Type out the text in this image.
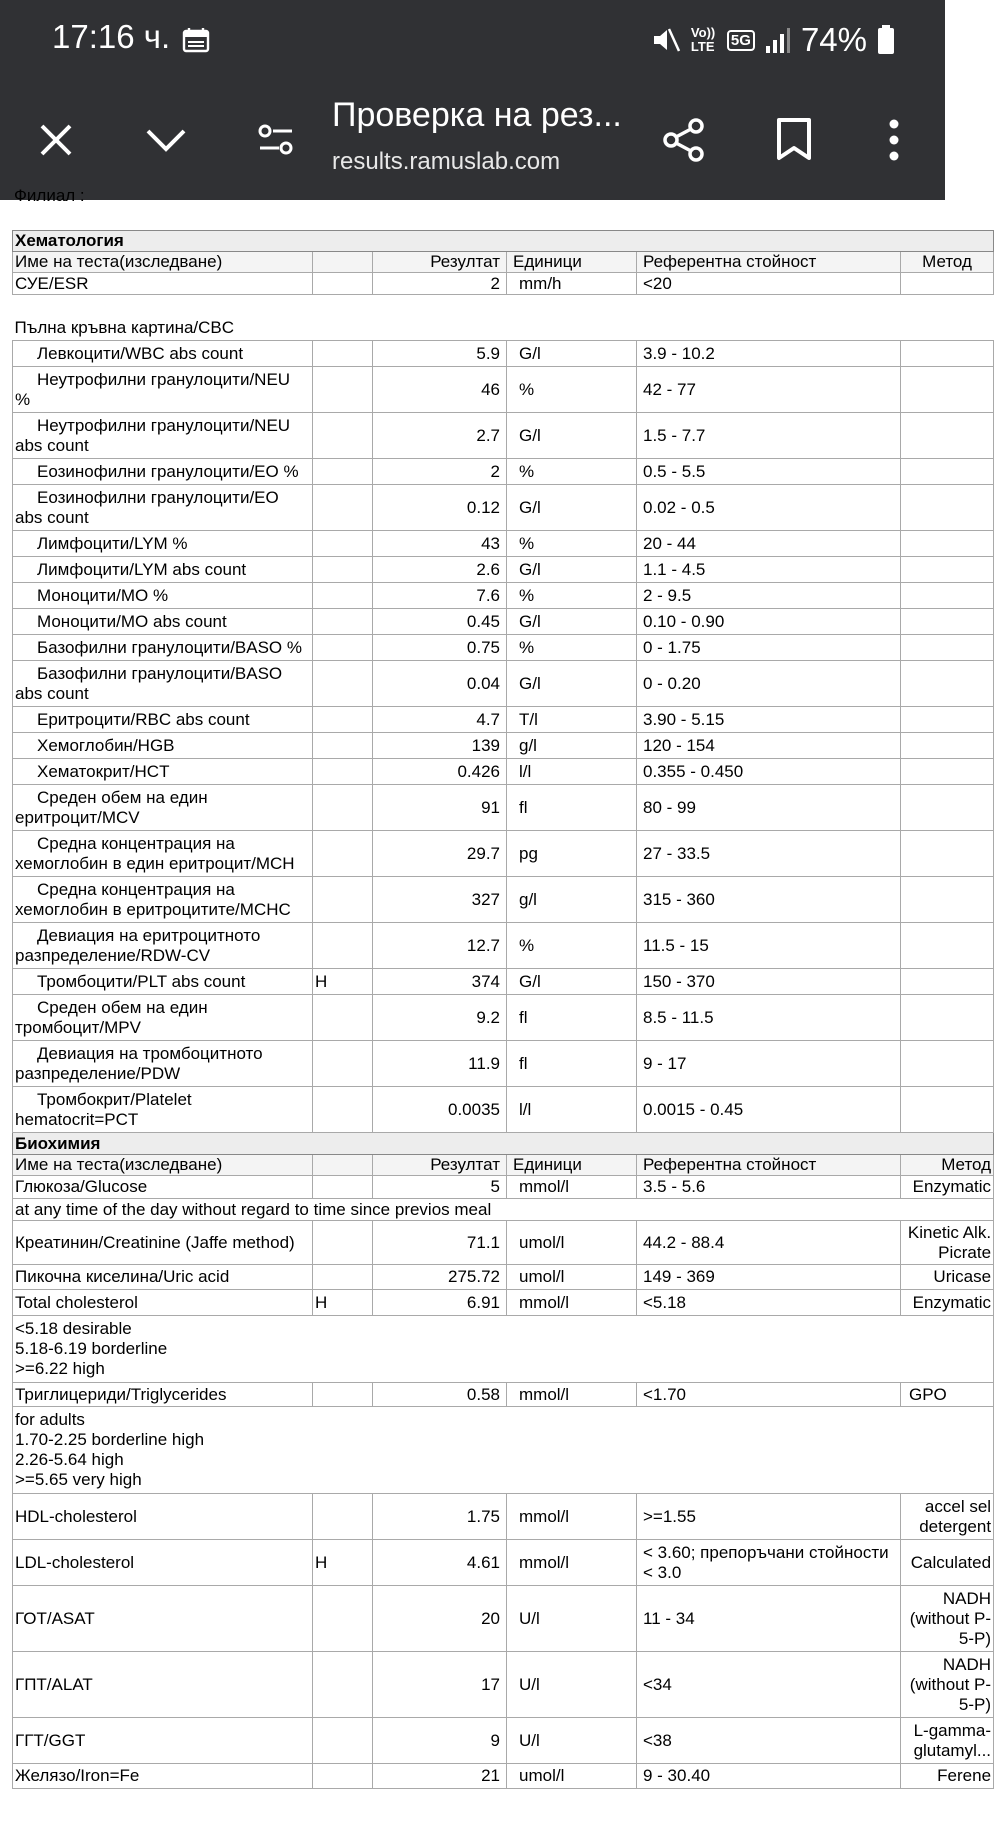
17:16 ч.	Vo)) LTE 5G 74%
Проверка на рез...
results.ramuslab.com
Филиал :
Хематология					
Име на теста(изследване)		Резултат	Единици	Референтна стойност	Метод
СУЕ/ESR		2	mm/h	<20	
Пълна кръвна картина/CBC					
Левкоцити/WBC abs count		5.9	G/l	3.9 - 10.2	
Неутрофилни гранулоцити/NEU
%		46	%	42 - 77	
Неутрофилни гранулоцити/NEU
abs count		2.7	G/l	1.5 - 7.7	
Еозинофилни гранулоцити/EO %		2	%	0.5 - 5.5	
Еозинофилни гранулоцити/EO
abs count		0.12	G/l	0.02 - 0.5	
Лимфоцити/LYM %		43	%	20 - 44	
Лимфоцити/LYM abs count		2.6	G/l	1.1 - 4.5	
Моноцити/MO %		7.6	%	2 - 9.5	
Моноцити/MO abs count		0.45	G/l	0.10 - 0.90	
Базофилни гранулоцити/BASO %		0.75	%	0 - 1.75	
Базофилни гранулоцити/BASO
abs count		0.04	G/l	0 - 0.20	
Еритроцити/RBC abs count		4.7	T/l	3.90 - 5.15	
Хемоглобин/HGB		139	g/l	120 - 154	
Хематокрит/HCT		0.426	l/l	0.355 - 0.450	
Среден обем на един
еритроцит/MCV		91	fl	80 - 99	
Средна концентрация на
хемоглобин в един еритроцит/MCH		29.7	pg	27 - 33.5	
Средна концентрация на
хемоглобин в еритроцитите/MCHC		327	g/l	315 - 360	
Девиация на еритроцитното
разпределение/RDW-CV		12.7	%	11.5 - 15	
Тромбоцити/PLT abs count	H	374	G/l	150 - 370	
Среден обем на един
тромбоцит/MPV		9.2	fl	8.5 - 11.5	
Девиация на тромбоцитното
разпределение/PDW		11.9	fl	9 - 17	
Тромбокрит/Platelet
hematocrit=PCT		0.0035	l/l	0.0015 - 0.45	
Биохимия					
Име на теста(изследване)		Резултат	Единици	Референтна стойност	Метод
Глюкоза/Glucose		5	mmol/l	3.5 - 5.6	Enzymatic
at any time of the day without regard to time since previos meal					
Креатинин/Creatinine (Jaffe method)		71.1	umol/l	44.2 - 88.4	Kinetic Alk. Picrate
Пикочна киселина/Uric acid		275.72	umol/l	149 - 369	Uricase
Total cholesterol	H	6.91	mmol/l	<5.18	Enzymatic
<5.18 desirable
5.18-6.19 borderline
>=6.22 high					
Триглицериди/Triglycerides		0.58	mmol/l	<1.70	GPO
for adults
1.70-2.25 borderline high
2.26-5.64 high
>=5.65 very high					
HDL-cholesterol		1.75	mmol/l	>=1.55	accel sel detergent
LDL-cholesterol	H	4.61	mmol/l	< 3.60; препоръчани стойности < 3.0	Calculated
ГОТ/ASAT		20	U/l	11 - 34	NADH (without P-5-P)
ГПТ/ALAT		17	U/l	<34	NADH (without P-5-P)
ГГТ/GGT		9	U/l	<38	L-gamma-glutamyl...
Желязо/Iron=Fe		21	umol/l	9 - 30.40	Ferene
